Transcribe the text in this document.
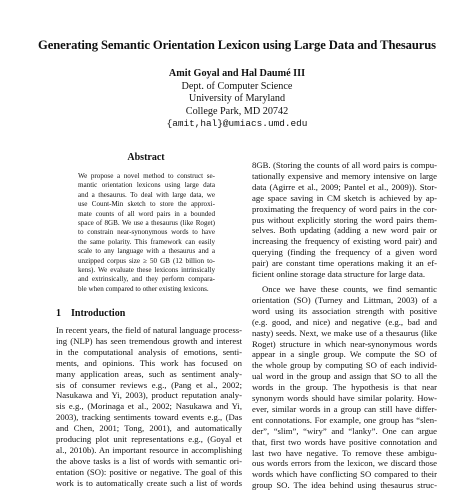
Generating Semantic Orientation Lexicon using Large Data and Thesaurus
Amit Goyal and Hal Daumé III
Dept. of Computer Science
University of Maryland
College Park, MD 20742
{amit,hal}@umiacs.umd.edu
Abstract
We propose a novel method to construct se-
mantic orientation lexicons using large data
and a thesaurus. To deal with large data, we
use Count-Min sketch to store the approxi-
mate counts of all word pairs in a bounded
space of 8GB. We use a thesaurus (like Roget)
to constrain near-synonymous words to have
the same polarity. This framework can easily
scale to any language with a thesaurus and a
unzipped corpus size ≥ 50 GB (12 billion to-
kens). We evaluate these lexicons intrinsically
and extrinsically, and they perform compara-
ble when compared to other existing lexicons.
1 Introduction
In recent years, the field of natural language process-
ing (NLP) has seen tremendous growth and interest
in the computational analysis of emotions, senti-
ments, and opinions. This work has focused on
many application areas, such as sentiment analy-
sis of consumer reviews e.g., (Pang et al., 2002;
Nasukawa and Yi, 2003), product reputation analy-
sis e.g., (Morinaga et al., 2002; Nasukawa and Yi,
2003), tracking sentiments toward events e.g., (Das
and Chen, 2001; Tong, 2001), and automatically
producing plot unit representations e.g., (Goyal et
al., 2010b). An important resource in accomplishing
the above tasks is a list of words with semantic ori-
entation (SO): positive or negative. The goal of this
work is to automatically create such a list of words
8GB. (Storing the counts of all word pairs is compu-
tationally expensive and memory intensive on large
data (Agirre et al., 2009; Pantel et al., 2009)). Stor-
age space saving in CM sketch is achieved by ap-
proximating the frequency of word pairs in the cor-
pus without explicitly storing the word pairs them-
selves. Both updating (adding a new word pair or
increasing the frequency of existing word pair) and
querying (finding the frequency of a given word
pair) are constant time operations making it an ef-
ficient online storage data structure for large data.
Once we have these counts, we find semantic
orientation (SO) (Turney and Littman, 2003) of a
word using its association strength with positive
(e.g. good, and nice) and negative (e.g., bad and
nasty) seeds. Next, we make use of a thesaurus (like
Roget) structure in which near-synonymous words
appear in a single group. We compute the SO of
the whole group by computing SO of each individ-
ual word in the group and assign that SO to all the
words in the group. The hypothesis is that near
synonym words should have similar polarity. How-
ever, similar words in a group can still have differ-
ent connotations. For example, one group has “slen-
der”, “slim”, “wiry” and “lanky”. One can argue
that, first two words have positive connotation and
last two have negative. To remove these ambigu-
ous words errors from the lexicon, we discard those
words which have conflicting SO compared to their
group SO. The idea behind using thesaurus struc-
